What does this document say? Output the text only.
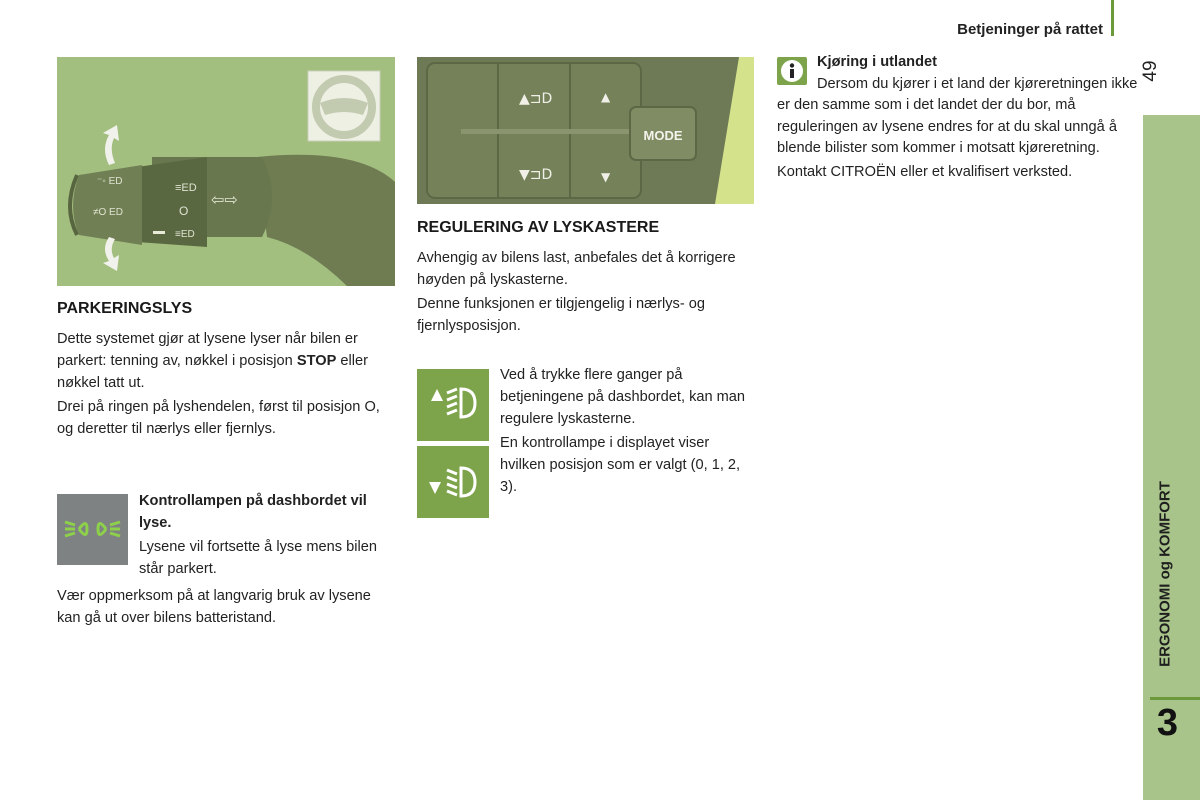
Betjeninger på rattet
49
ERGONOMI og KOMFORT
3
⁻◦ ED
≠O ED
≡ED
≡ED
O
⇦⇨
▲⊐D	▲
▼⊐D	▼
MODE
PARKERINGSLYS

Dette systemet gjør at lysene lyser når bilen er parkert: tenning av, nøkkel i posisjon STOP eller nøkkel tatt ut.

Drei på ringen på lyshendelen, først til posisjon O, og deretter til nærlys eller fjernlys.

Kontrollampen på dashbordet vil lyse.

Lysene vil fortsette å lyse mens bilen står parkert.

Vær oppmerksom på at langvarig bruk av lysene kan gå ut over bilens batteristand.
REGULERING AV LYSKASTERE

Avhengig av bilens last, anbefales det å korrigere høyden på lyskasterne.

Denne funksjonen er tilgjengelig i nærlys- og fjernlysposisjon.

Ved å trykke flere ganger på betjeningene på dashbordet, kan man regulere lyskasterne.

En kontrollampe i displayet viser hvilken posisjon som er valgt (0, 1, 2, 3).

Kjøring i utlandet

Dersom du kjører i et land der kjøreretningen ikke er den samme som i det landet der du bor, må reguleringen av lysene endres for at du skal unngå å blende bilister som kommer i motsatt kjøreretning.

Kontakt CITROËN eller et kvalifisert verksted.
